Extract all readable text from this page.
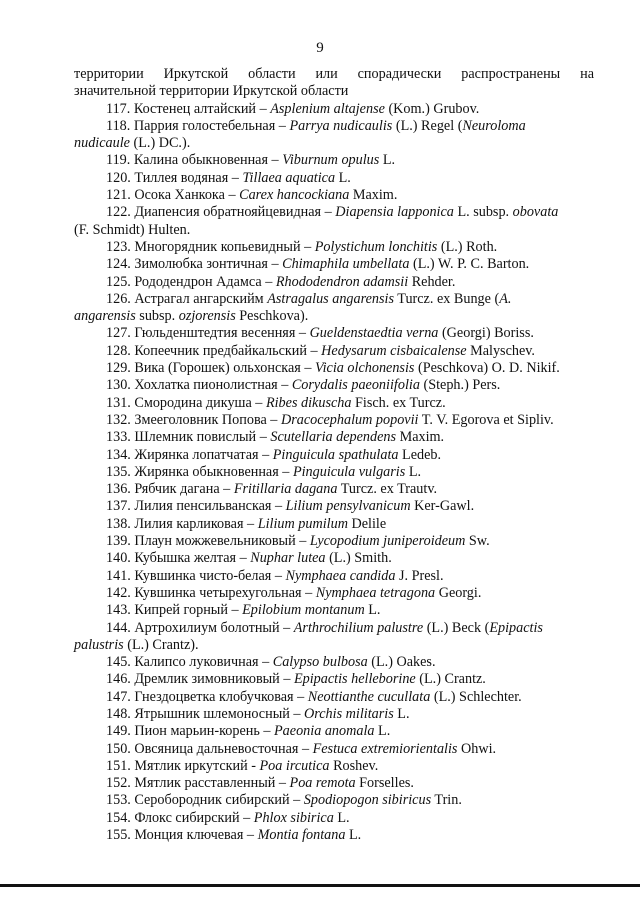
9

территории Иркутской области или спорадически распространены на
значительной территории Иркутской области

117. Костенец алтайский – Asplenium altajense (Kom.) Grubov.

118. Паррия голостебельная – Parrya nudicaulis (L.) Regel (Neuroloma
nudicaule (L.) DC.).

119. Калина обыкновенная – Viburnum opulus L.

120. Тиллея водяная – Tillaea aquatica L.

121. Осока Ханкока – Carex hancockiana Maxim.

122. Диапенсия обратнояйцевидная – Diapensia lapponica L. subsp. obovata
(F. Schmidt) Hulten.

123. Многорядник копьевидный – Polystichum lonchitis (L.) Roth.

124. Зимолюбка зонтичная – Chimaphila umbellata (L.) W. P. C. Barton.

125. Рододендрон Адамса – Rhododendron adamsii Rehder.

126. Астрагал ангарскийм Astragalus angarensis Turcz. ex Bunge (A.
angarensis subsp. ozjorensis Peschkova).

127. Гюльденштедтия весенняя – Gueldenstaedtia verna (Georgi) Boriss.

128. Копеечник предбайкальский – Hedysarum cisbaicalense Malyschev.

129. Вика (Горошек) ольхонская – Vicia olchonensis (Peschkova) O. D. Nikif.

130. Хохлатка пионолистная – Corydalis paeoniifolia (Steph.) Pers.

131. Смородина дикуша – Ribes dikuscha Fisch. ex Turcz.

132. Змееголовник Попова – Dracocephalum popovii T. V. Egorova et Sipliv.

133. Шлемник повислый – Scutellaria dependens Maxim.

134. Жирянка лопатчатая – Pinguicula spathulata Ledeb.

135. Жирянка обыкновенная – Pinguicula vulgaris L.

136. Рябчик дагана – Fritillaria dagana Turcz. ex Trautv.

137. Лилия пенсильванская – Lilium pensylvanicum Ker-Gawl.

138. Лилия карликовая – Lilium pumilum Delile

139. Плаун можжевельниковый – Lycopodium juniperoideum Sw.

140. Кубышка желтая – Nuphar lutea (L.) Smith.

141. Кувшинка чисто-белая – Nymphaea candida J. Presl.

142. Кувшинка четырехугольная – Nymphaea tetragona Georgi.

143. Кипрей горный – Epilobium montanum L.

144. Артрохилиум болотный – Arthrochilium palustre (L.) Beck (Epipactis
palustris (L.) Crantz).

145. Калипсо луковичная – Calypso bulbosa (L.) Oakes.

146. Дремлик зимовниковый – Epipactis helleborine (L.) Crantz.

147. Гнездоцветка клобучковая – Neottianthe cucullata (L.) Schlechter.

148. Ятрышник шлемоносный – Orchis militaris L.

149. Пион марьин-корень – Paeonia anomala L.

150. Овсяница дальневосточная – Festuca extremiorientalis Ohwi.

151. Мятлик иркутский - Poa ircutica Roshev.

152. Мятлик расставленный – Poa remota Forselles.

153. Серобородник сибирский – Spodiopogon sibiricus Trin.

154. Флокс сибирский – Phlox sibirica L.

155. Монция ключевая – Montia fontana L.
